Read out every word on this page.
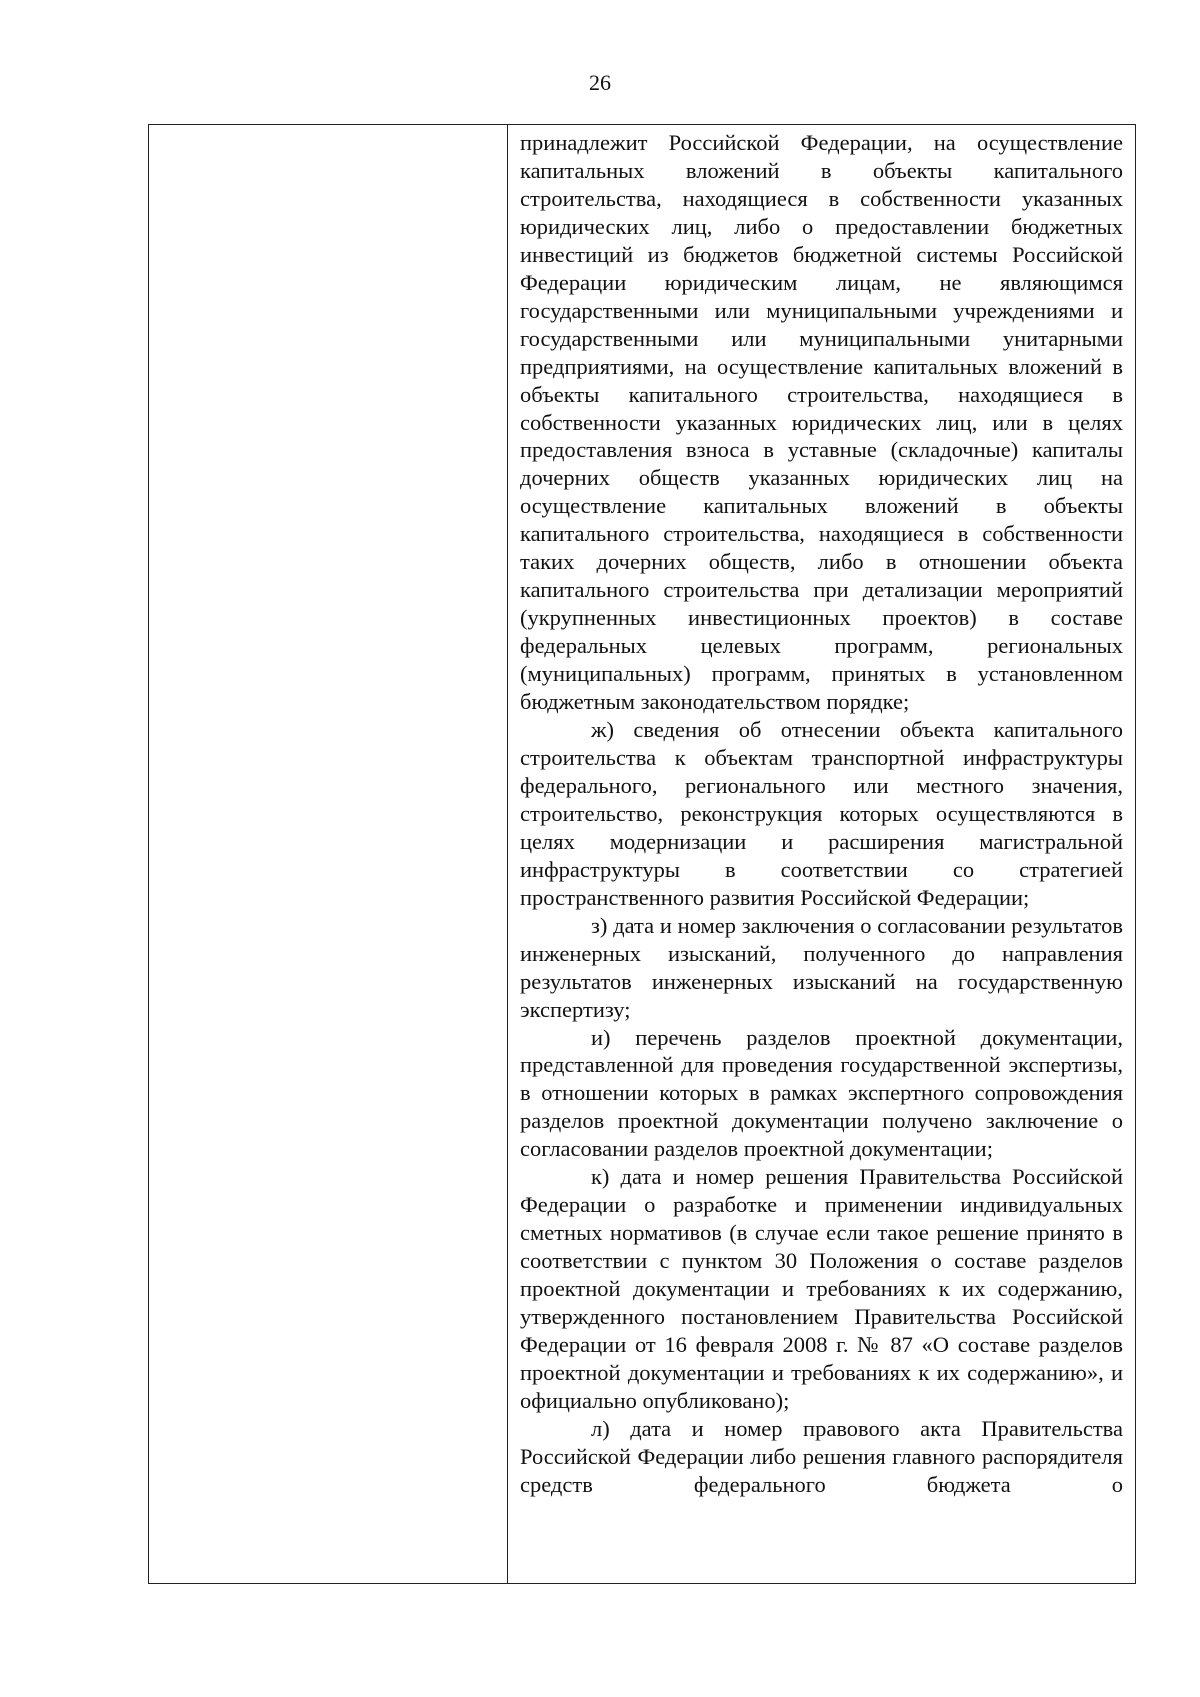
26

принадлежит Российской Федерации, на осуществление капитальных вложений в объекты капитального строительства, находящиеся в собственности указанных юридических лиц, либо о предоставлении бюджетных инвестиций из бюджетов бюджетной системы Российской Федерации юридическим лицам, не являющимся государственными или муниципальными учреждениями и государственными или муниципальными унитарными предприятиями, на осуществление капитальных вложений в объекты капитального строительства, находящиеся в собственности указанных юридических лиц, или в целях предоставления взноса в уставные (складочные) капиталы дочерних обществ указанных юридических лиц на осуществление капитальных вложений в объекты капитального строительства, находящиеся в собственности таких дочерних обществ, либо в отношении объекта капитального строительства при детализации мероприятий (укрупненных инвестиционных проектов) в составе федеральных целевых программ, региональных (муниципальных) программ, принятых в установленном бюджетным законодательством порядке;

ж) сведения об отнесении объекта капитального строительства к объектам транспортной инфраструктуры федерального, регионального или местного значения, строительство, реконструкция которых осуществляются в целях модернизации и расширения магистральной инфраструктуры в соответствии со стратегией пространственного развития Российской Федерации;

з) дата и номер заключения о согласовании результатов инженерных изысканий, полученного до направления результатов инженерных изысканий на государственную экспертизу;

и) перечень разделов проектной документации, представленной для проведения государственной экспертизы, в отношении которых в рамках экспертного сопровождения разделов проектной документации получено заключение о согласовании разделов проектной документации;

к) дата и номер решения Правительства Российской Федерации о разработке и применении индивидуальных сметных нормативов (в случае если такое решение принято в соответствии с пунктом 30 Положения о составе разделов проектной документации и требованиях к их содержанию, утвержденного постановлением Правительства Российской Федерации от 16 февраля 2008 г. № 87 «О составе разделов проектной документации и требованиях к их содержанию», и официально опубликовано);

л) дата и номер правового акта Правительства Российской Федерации либо решения главного распорядителя средств федерального бюджета о
